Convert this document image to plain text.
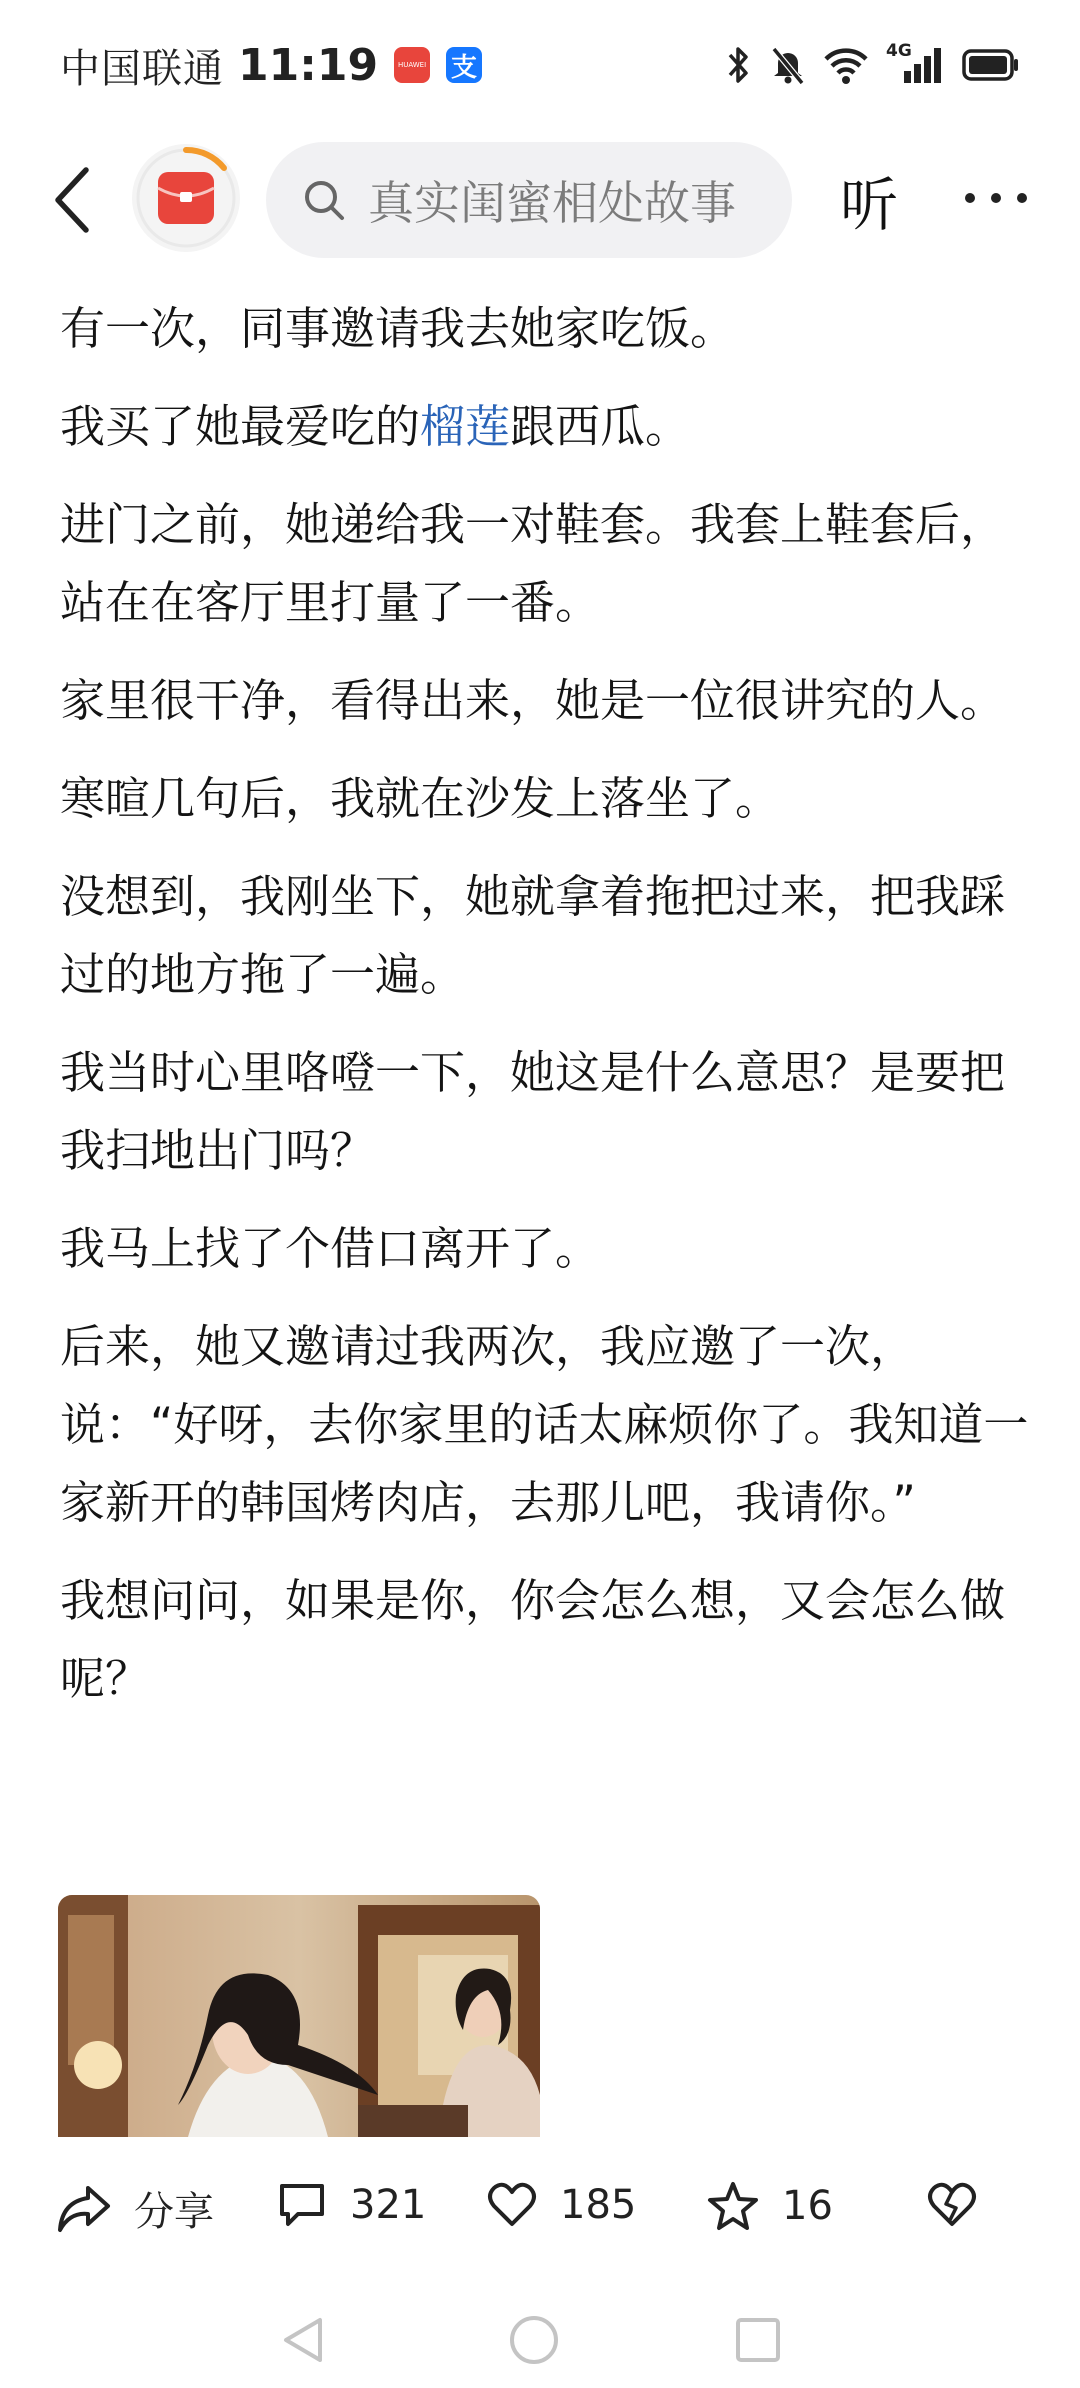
中国联通 11:19	HUAWEI 支
4G
真实闺蜜相处故事 听

有一次，同事邀请我去她家吃饭。

我买了她最爱吃的榴莲跟西瓜。

进门之前，她递给我一对鞋套。我套上鞋套后，站在在客厅里打量了一番。

家里很干净，看得出来，她是一位很讲究的人。

寒暄几句后，我就在沙发上落坐了。

没想到，我刚坐下，她就拿着拖把过来，把我踩过的地方拖了一遍。

我当时心里咯噔一下，她这是什么意思？是要把我扫地出门吗？

我马上找了个借口离开了。

后来，她又邀请过我两次，我应邀了一次，说：“好呀，去你家里的话太麻烦你了。我知道一家新开的韩国烤肉店，去那儿吧，我请你。”

我想问问，如果是你，你会怎么想，又会怎么做呢？

分享	321	185	16
